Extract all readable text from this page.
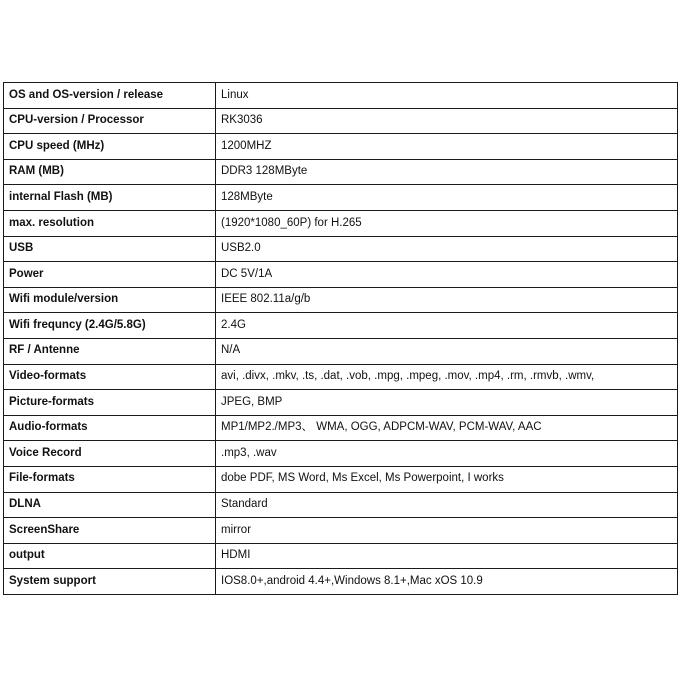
OS and OS-version / release	Linux
CPU-version / Processor	RK3036
CPU speed (MHz)	1200MHZ
RAM (MB)	DDR3 128MByte
internal Flash (MB)	128MByte
max. resolution	(1920*1080_60P) for H.265
USB	USB2.0
Power	DC 5V/1A
Wifi module/version	IEEE 802.11a/g/b
Wifi frequncy (2.4G/5.8G)	2.4G
RF / Antenne	N/A
Video-formats	avi, .divx, .mkv, .ts, .dat, .vob, .mpg, .mpeg, .mov, .mp4, .rm, .rmvb, .wmv,
Picture-formats	JPEG, BMP
Audio-formats	MP1/MP2./MP3、 WMA, OGG, ADPCM-WAV, PCM-WAV, AAC
Voice Record	.mp3, .wav
File-formats	dobe PDF, MS Word, Ms Excel, Ms Powerpoint, I works
DLNA	Standard
ScreenShare	mirror
output	HDMI
System support	IOS8.0+,android 4.4+,Windows 8.1+,Mac xOS 10.9
